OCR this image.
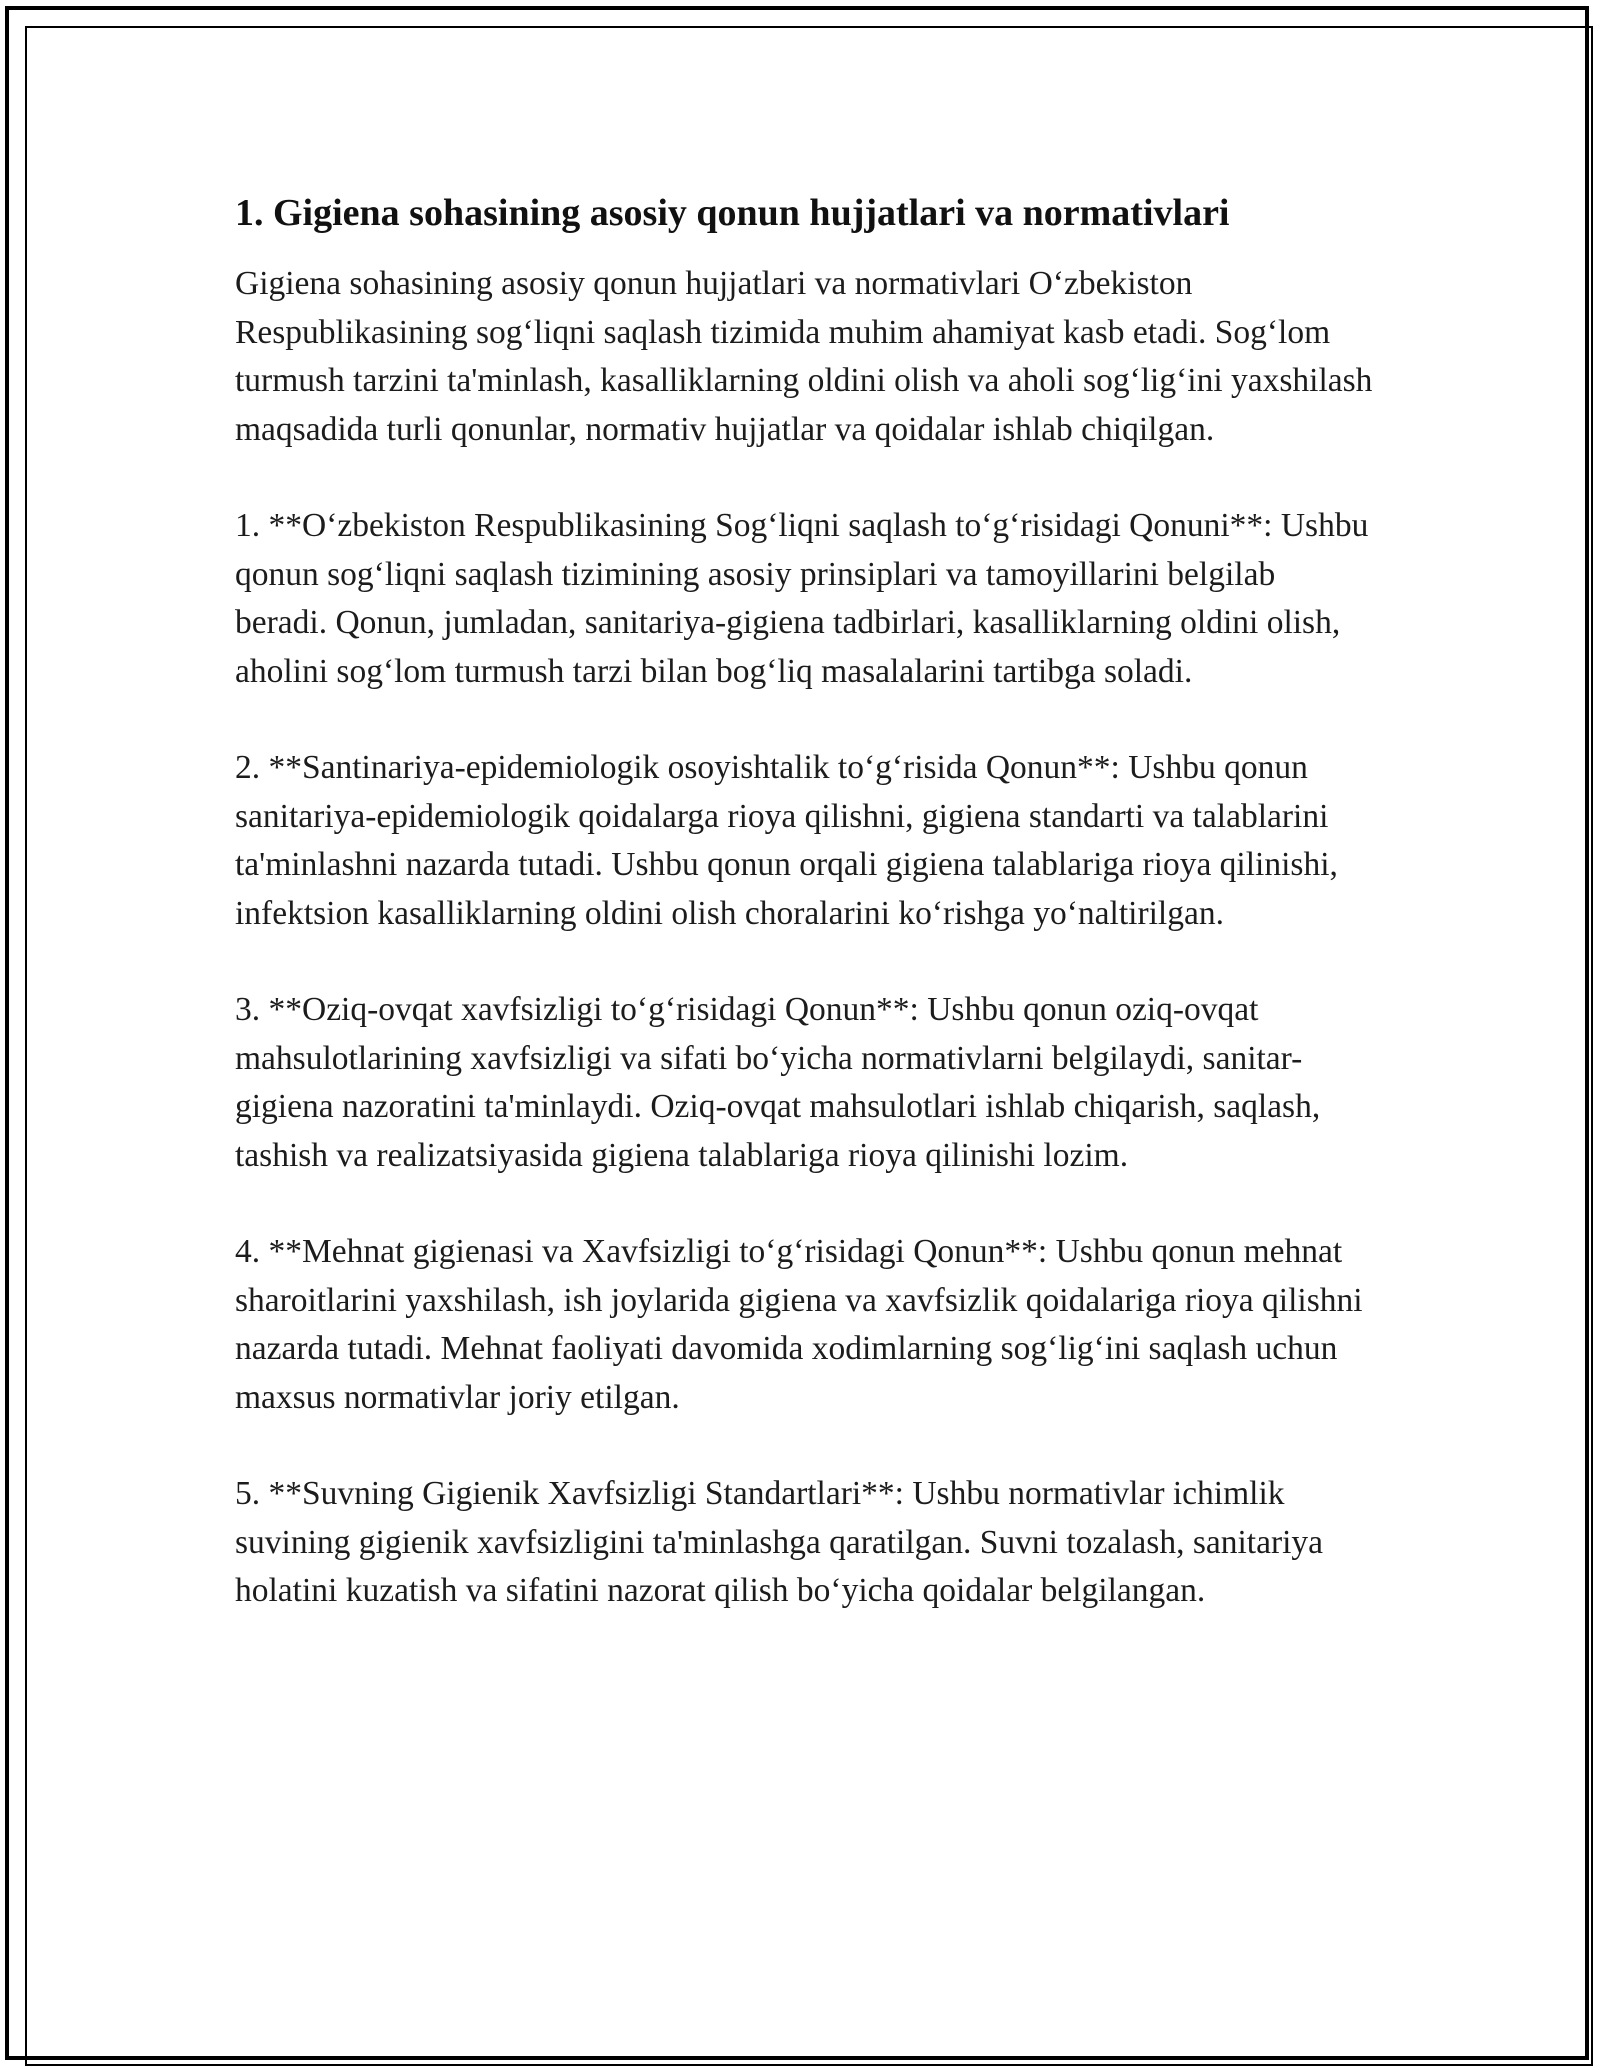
1. Gigiena sohasining asosiy qonun hujjatlari va normativlari

Gigiena sohasining asosiy qonun hujjatlari va normativlari O‘zbekiston Respublikasining sog‘liqni saqlash tizimida muhim ahamiyat kasb etadi. Sog‘lom turmush tarzini ta'minlash, kasalliklarning oldini olish va aholi sog‘lig‘ini yaxshilash maqsadida turli qonunlar, normativ hujjatlar va qoidalar ishlab chiqilgan.

1. **O‘zbekiston Respublikasining Sog‘liqni saqlash to‘g‘risidagi Qonuni**: Ushbu qonun sog‘liqni saqlash tizimining asosiy prinsiplari va tamoyillarini belgilab beradi. Qonun, jumladan, sanitariya-gigiena tadbirlari, kasalliklarning oldini olish, aholini sog‘lom turmush tarzi bilan bog‘liq masalalarini tartibga soladi.

2. **Santinariya-epidemiologik osoyishtalik to‘g‘risida Qonun**: Ushbu qonun sanitariya-epidemiologik qoidalarga rioya qilishni, gigiena standarti va talablarini ta'minlashni nazarda tutadi. Ushbu qonun orqali gigiena talablariga rioya qilinishi, infektsion kasalliklarning oldini olish choralarini ko‘rishga yo‘naltirilgan.

3. **Oziq-ovqat xavfsizligi to‘g‘risidagi Qonun**: Ushbu qonun oziq-ovqat mahsulotlarining xavfsizligi va sifati bo‘yicha normativlarni belgilaydi, sanitar-gigiena nazoratini ta'minlaydi. Oziq-ovqat mahsulotlari ishlab chiqarish, saqlash, tashish va realizatsiyasida gigiena talablariga rioya qilinishi lozim.

4. **Mehnat gigienasi va Xavfsizligi to‘g‘risidagi Qonun**: Ushbu qonun mehnat sharoitlarini yaxshilash, ish joylarida gigiena va xavfsizlik qoidalariga rioya qilishni nazarda tutadi. Mehnat faoliyati davomida xodimlarning sog‘lig‘ini saqlash uchun maxsus normativlar joriy etilgan.

5. **Suvning Gigienik Xavfsizligi Standartlari**: Ushbu normativlar ichimlik suvining gigienik xavfsizligini ta'minlashga qaratilgan. Suvni tozalash, sanitariya holatini kuzatish va sifatini nazorat qilish bo‘yicha qoidalar belgilangan.
